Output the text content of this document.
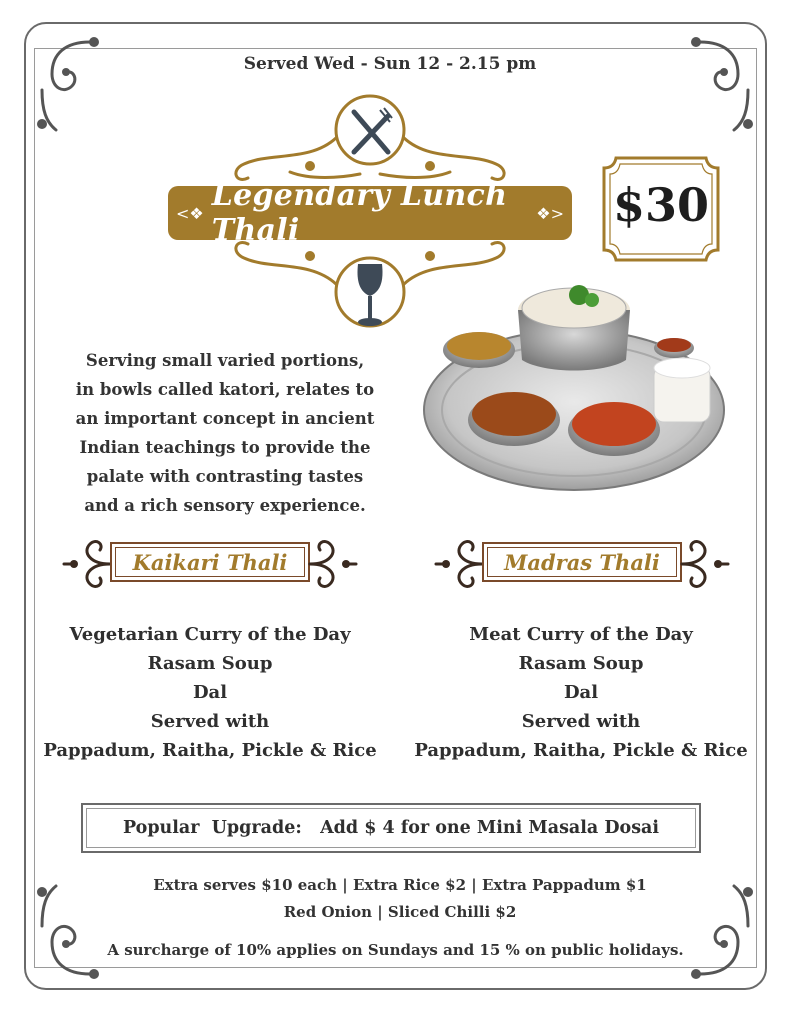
Served Wed - Sun 12 - 2.15 pm
<❖ Legendary Lunch Thali	❖>	$30
Serving small varied portions,
in bowls called katori, relates to
an important concept in ancient
Indian teachings to provide the
palate with contrasting tastes
and a rich sensory experience.
Kaikari Thali	Madras Thali
Vegetarian Curry of the Day
Rasam Soup
Dal
Served with
Pappadum, Raitha, Pickle & Rice
Meat Curry of the Day
Rasam Soup
Dal
Served with
Pappadum, Raitha, Pickle & Rice
Popular  Upgrade:   Add $ 4 for one Mini Masala Dosai
Extra serves $10 each | Extra Rice $2 | Extra Pappadum $1
Red Onion | Sliced Chilli $2
A surcharge of 10% applies on Sundays and 15 % on public holidays.
